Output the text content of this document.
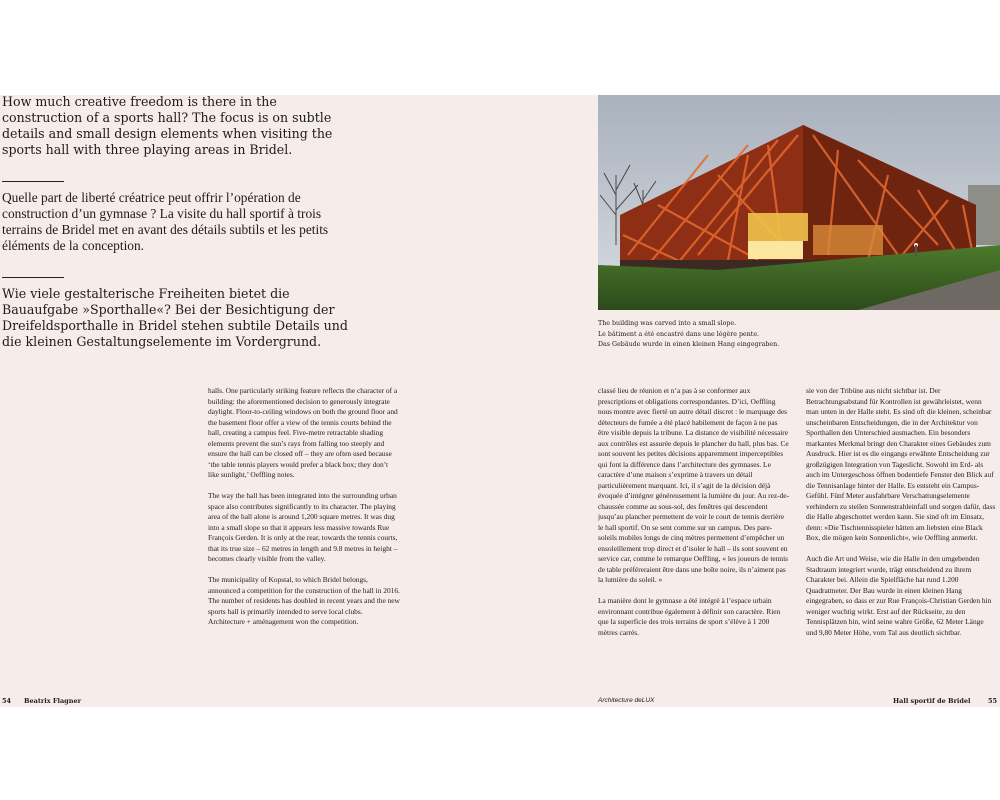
How much creative freedom is there in the construction of a sports hall? The focus is on subtle details and small design elements when visiting the sports hall with three playing areas in Bridel.

Quelle part de liberté créatrice peut offrir l’opération de construction d’un gymnase ? La visite du hall sportif à trois terrains de Bridel met en avant des détails subtils et les petits éléments de la conception.

Wie viele gestalterische Freiheiten bietet die Bauaufgabe »Sporthalle«? Bei der Besichtigung der Dreifeldsporthalle in Bridel stehen subtile Details und die kleinen Gestaltungselemente im Vordergrund.

The building was carved into a small slope.
Le bâtiment a été encastré dans une légère pente.
Das Gebäude wurde in einen kleinen Hang eingegraben.

halls. One particularly striking feature reflects the character of a building: the aforementioned decision to generously integrate daylight. Floor-to-ceiling windows on both the ground floor and the basement floor offer a view of the tennis courts behind the hall, creating a campus feel. Five-metre retractable shading elements prevent the sun’s rays from falling too steeply and ensure the hall can be closed off – they are often used because ‘the table tennis players would prefer a black box; they don’t like sunlight,’ Oeffling notes.

The way the hall has been integrated into the surrounding urban space also contributes significantly to its character. The playing area of the hall alone is around 1,200 square metres. It was dug into a small slope so that it appears less massive towards Rue François Gerden. It is only at the rear, towards the tennis courts, that its true size – 62 metres in length and 9.8 metres in height – becomes clearly visible from the valley.

The municipality of Kopstal, to which Bridel belongs, announced a competition for the construction of the hall in 2016. The number of residents has doubled in recent years and the new sports hall is primarily intended to serve local clubs. Architecture + aménagement won the competition.

classé lieu de réunion et n’a pas à se conformer aux prescriptions et obligations correspondantes. D’ici, Oeffling nous montre avec fierté un autre détail discret : le marquage des détecteurs de fumée a été placé habilement de façon à ne pas être visible depuis la tribune. La distance de visibilité nécessaire aux contrôles est assurée depuis le plancher du hall, plus bas. Ce sont souvent les petites décisions apparemment imperceptibles qui font la différence dans l’architecture des gymnases. Le caractère d’une maison s’exprime à travers un détail particulièrement marquant. Ici, il s’agit de la décision déjà évoquée d’intégrer généreusement la lumière du jour. Au rez-de-chaussée comme au sous-sol, des fenêtres qui descendent jusqu’au plancher permettent de voir le court de tennis derrière le hall sportif. On se sent comme sur un campus. Des pare-soleils mobiles longs de cinq mètres permettent d’empêcher un ensoleillement trop direct et d’isoler le hall – ils sont souvent en service car, comme le remarque Oeffling, « les joueurs de tennis de table préféreraient être dans une boîte noire, ils n’aiment pas la lumière du soleil. »

La manière dont le gymnase a été intégré à l’espace urbain environnant contribue également à définir son caractère. Rien que la superficie des trois terrains de sport s’élève à 1 200 mètres carrés.

sie von der Tribüne aus nicht sichtbar ist. Der Betrachtungsabstand für Kontrollen ist gewährleistet, wenn man unten in der Halle steht. Es sind oft die kleinen, scheinbar unscheinbaren Entscheidungen, die in der Architektur von Sporthallen den Unterschied ausmachen. Ein besonders markantes Merkmal bringt den Charakter eines Gebäudes zum Ausdruck. Hier ist es die eingangs erwähnte Entscheidung zur großzügigen Integration von Tageslicht. Sowohl im Erd- als auch im Untergeschoss öffnen bodentiefe Fenster den Blick auf die Tennisanlage hinter der Halle. Es entsteht ein Campus-Gefühl. Fünf Meter ausfahrbare Verschattungselemente verhindern zu steilen Sonnenstrahleinfall und sorgen dafür, dass die Halle abgeschottet werden kann. Sie sind oft im Einsatz, denn: »Die Tischtennisspieler hätten am liebsten eine Black Box, die mögen kein Sonnenlicht«, wie Oeffling anmerkt.

Auch die Art und Weise, wie die Halle in den umgebenden Stadtraum integriert wurde, trägt entscheidend zu ihrem Charakter bei. Allein die Spielfläche hat rund 1.200 Quadratmeter. Der Bau wurde in einen kleinen Hang eingegraben, so dass er zur Rue François-Christian Gerden hin weniger wuchtig wirkt. Erst auf der Rückseite, zu den Tennisplätzen hin, wird seine wahre Größe, 62 Meter Länge und 9,80 Meter Höhe, vom Tal aus deutlich sichtbar.

54 Beatrix Flagner	Architecture deLUX	Hall sportif de Bridel	55
